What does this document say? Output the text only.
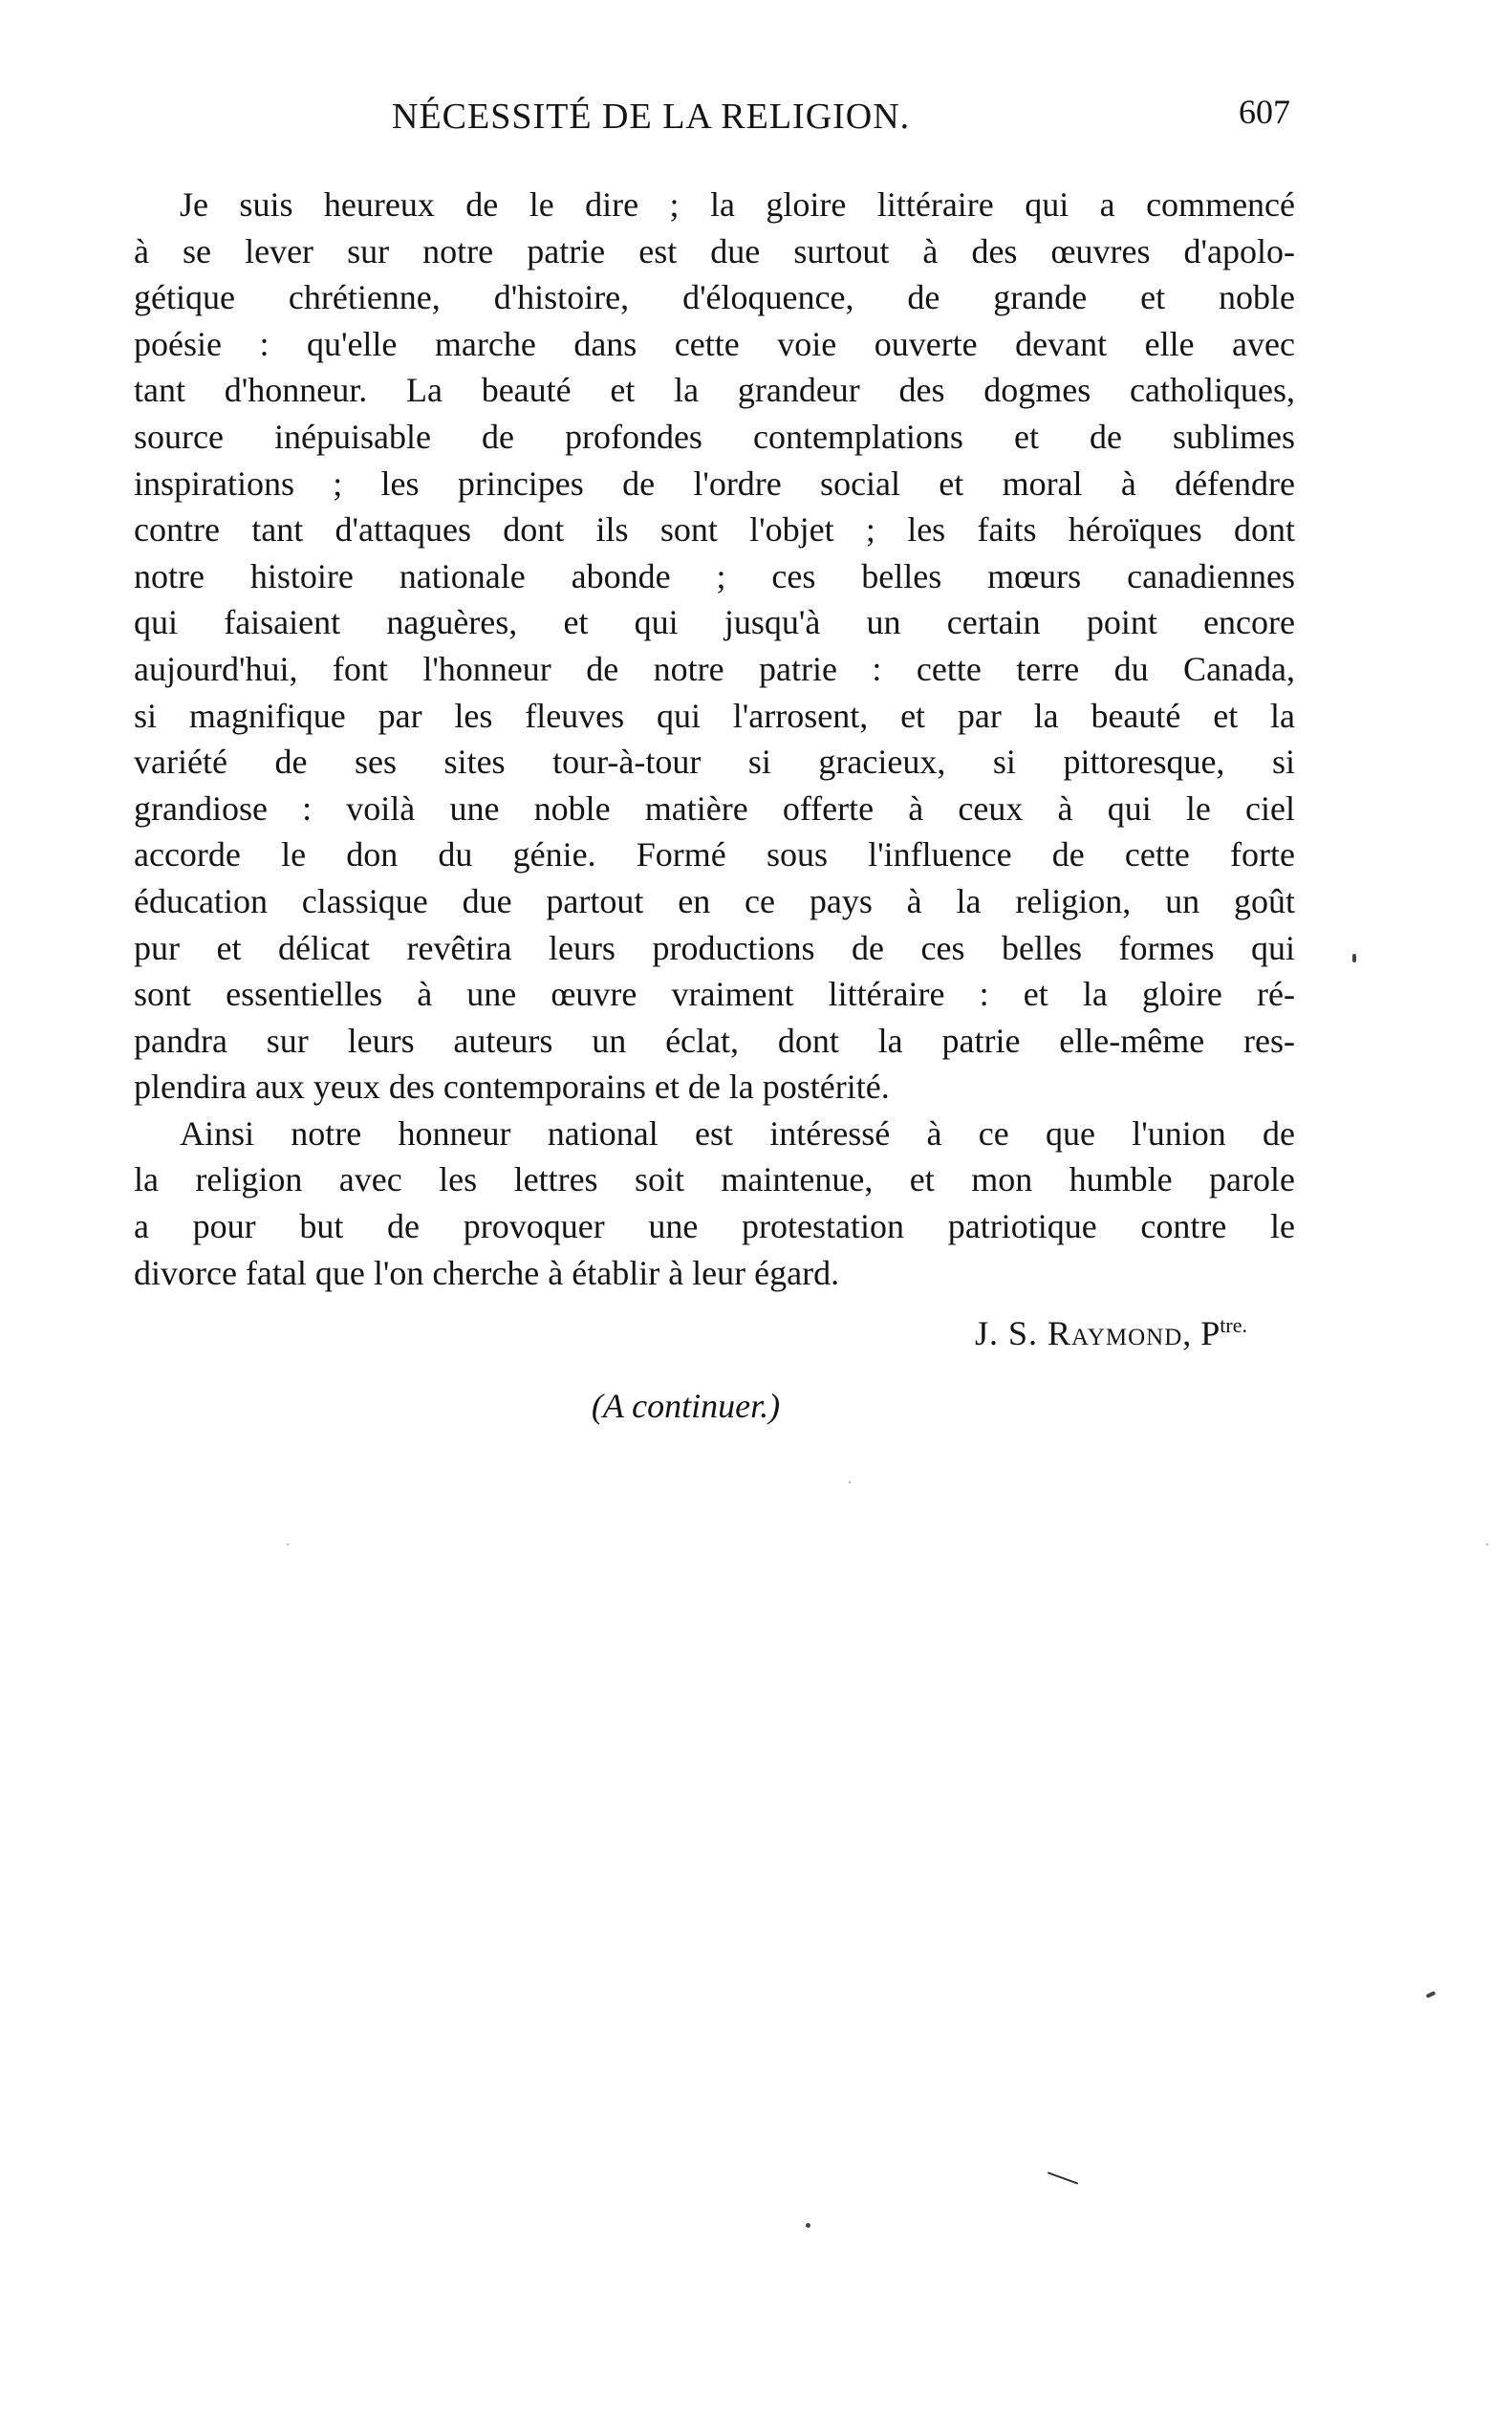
NÉCESSITÉ DE LA RELIGION.	607
Je suis heureux de le dire ; la gloire littéraire qui a commencé
à se lever sur notre patrie est due surtout à des œuvres d'apolo-
gétique chrétienne, d'histoire, d'éloquence, de grande et noble
poésie : qu'elle marche dans cette voie ouverte devant elle avec
tant d'honneur. La beauté et la grandeur des dogmes catholiques,
source inépuisable de profondes contemplations et de sublimes
inspirations ; les principes de l'ordre social et moral à défendre
contre tant d'attaques dont ils sont l'objet ; les faits héroïques dont
notre histoire nationale abonde ; ces belles mœurs canadiennes
qui faisaient naguères, et qui jusqu'à un certain point encore
aujourd'hui, font l'honneur de notre patrie : cette terre du Canada,
si magnifique par les fleuves qui l'arrosent, et par la beauté et la
variété de ses sites tour-à-tour si gracieux, si pittoresque, si
grandiose : voilà une noble matière offerte à ceux à qui le ciel
accorde le don du génie. Formé sous l'influence de cette forte
éducation classique due partout en ce pays à la religion, un goût
pur et délicat revêtira leurs productions de ces belles formes qui
sont essentielles à une œuvre vraiment littéraire : et la gloire ré-
pandra sur leurs auteurs un éclat, dont la patrie elle-même res-
plendira aux yeux des contemporains et de la postérité.
Ainsi notre honneur national est intéressé à ce que l'union de
la religion avec les lettres soit maintenue, et mon humble parole
a pour but de provoquer une protestation patriotique contre le
divorce fatal que l'on cherche à établir à leur égard.
J. S. Raymond, $P^{tre.}$
(A continuer.)
